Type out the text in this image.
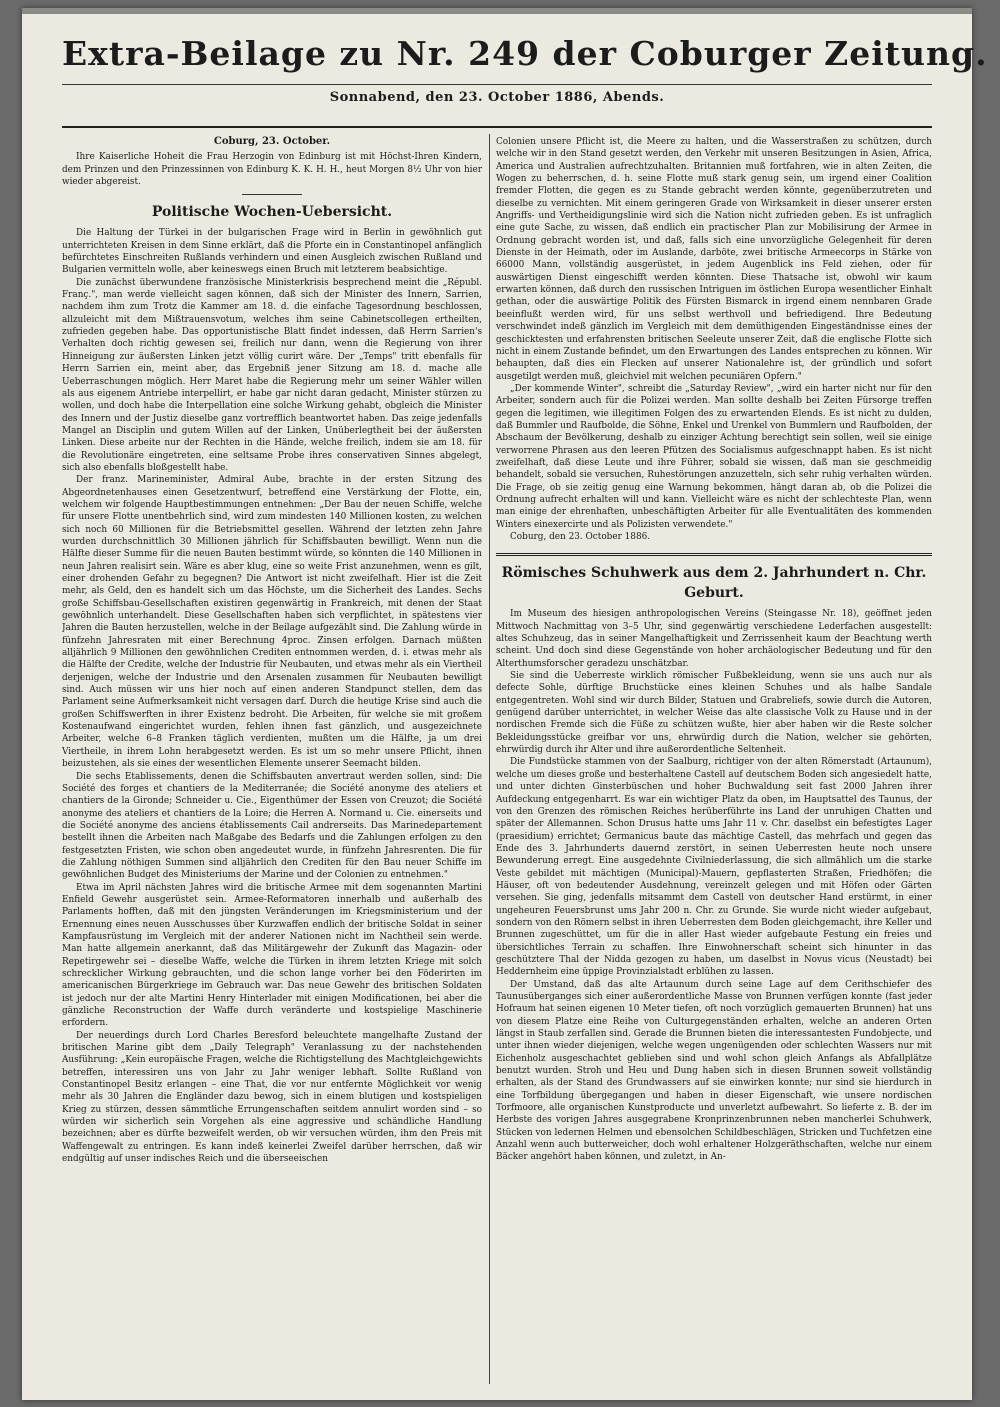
Extra-Beilage zu Nr. 249 der Coburger Zeitung.
Sonnabend, den 23. October 1886, Abends.
Coburg, 23. October.

Ihre Kaiserliche Hoheit die Frau Herzogin von Edinburg ist mit Höchst-Ihren Kindern, dem Prinzen und den Prinzessinnen von Edinburg K. K. H. H., heut Morgen 8½ Uhr von hier wieder abgereist.

Politische Wochen-Uebersicht.

Die Haltung der Türkei in der bulgarischen Frage wird in Berlin in gewöhnlich gut unterrichteten Kreisen in dem Sinne erklärt, daß die Pforte ein in Constantinopel anfänglich befürchtetes Einschreiten Rußlands verhindern und einen Ausgleich zwischen Rußland und Bulgarien vermitteln wolle, aber keineswegs einen Bruch mit letzterem beabsichtige.

Die zunächst überwundene französische Ministerkrisis besprechend meint die „Républ. Franç.", man werde vielleicht sagen können, daß sich der Minister des Innern, Sarrien, nachdem ihm zum Trotz die Kammer am 18. d. die einfache Tagesordnung beschlossen, allzuleicht mit dem Mißtrauensvotum, welches ihm seine Cabinetscollegen ertheilten, zufrieden gegeben habe. Das opportunistische Blatt findet indessen, daß Herrn Sarrien's Verhalten doch richtig gewesen sei, freilich nur dann, wenn die Regierung von ihrer Hinneigung zur äußersten Linken jetzt völlig curirt wäre. Der „Temps" tritt ebenfalls für Herrn Sarrien ein, meint aber, das Ergebniß jener Sitzung am 18. d. mache alle Ueberraschungen möglich. Herr Maret habe die Regierung mehr um seiner Wähler willen als aus eigenem Antriebe interpellirt, er habe gar nicht daran gedacht, Minister stürzen zu wollen, und doch habe die Interpellation eine solche Wirkung gehabt, obgleich die Minister des Innern und der Justiz dieselbe ganz vortrefflich beantwortet haben. Das zeige jedenfalls Mangel an Disciplin und gutem Willen auf der Linken, Unüberlegtheit bei der äußersten Linken. Diese arbeite nur der Rechten in die Hände, welche freilich, indem sie am 18. für die Revolutionäre eingetreten, eine seltsame Probe ihres conservativen Sinnes abgelegt, sich also ebenfalls bloßgestellt habe.

Der franz. Marineminister, Admiral Aube, brachte in der ersten Sitzung des Abgeordnetenhauses einen Gesetzentwurf, betreffend eine Verstärkung der Flotte, ein, welchem wir folgende Hauptbestimmungen entnehmen: „Der Bau der neuen Schiffe, welche für unsere Flotte unentbehrlich sind, wird zum mindesten 140 Millionen kosten, zu welchen sich noch 60 Millionen für die Betriebsmittel gesellen. Während der letzten zehn Jahre wurden durchschnittlich 30 Millionen jährlich für Schiffsbauten bewilligt. Wenn nun die Hälfte dieser Summe für die neuen Bauten bestimmt würde, so könnten die 140 Millionen in neun Jahren realisirt sein. Wäre es aber klug, eine so weite Frist anzunehmen, wenn es gilt, einer drohenden Gefahr zu begegnen? Die Antwort ist nicht zweifelhaft. Hier ist die Zeit mehr, als Geld, den es handelt sich um das Höchste, um die Sicherheit des Landes. Sechs große Schiffsbau-Gesellschaften existiren gegenwärtig in Frankreich, mit denen der Staat gewöhnlich unterhandelt. Diese Gesellschaften haben sich verpflichtet, in spätestens vier Jahren die Bauten herzustellen, welche in der Beilage aufgezählt sind. Die Zahlung würde in fünfzehn Jahresraten mit einer Berechnung 4proc. Zinsen erfolgen. Darnach müßten alljährlich 9 Millionen den gewöhnlichen Crediten entnommen werden, d. i. etwas mehr als die Hälfte der Credite, welche der Industrie für Neubauten, und etwas mehr als ein Viertheil derjenigen, welche der Industrie und den Arsenalen zusammen für Neubauten bewilligt sind. Auch müssen wir uns hier noch auf einen anderen Standpunct stellen, dem das Parlament seine Aufmerksamkeit nicht versagen darf. Durch die heutige Krise sind auch die großen Schiffswerften in ihrer Existenz bedroht. Die Arbeiten, für welche sie mit großem Kostenaufwand eingerichtet wurden, fehlen ihnen fast gänzlich, und ausgezeichnete Arbeiter, welche 6–8 Franken täglich verdienten, mußten um die Hälfte, ja um drei Viertheile, in ihrem Lohn herabgesetzt werden. Es ist um so mehr unsere Pflicht, ihnen beizustehen, als sie eines der wesentlichen Elemente unserer Seemacht bilden.

Die sechs Etablissements, denen die Schiffsbauten anvertraut werden sollen, sind: Die Société des forges et chantiers de la Mediterranée; die Société anonyme des ateliers et chantiers de la Gironde; Schneider u. Cie., Eigenthümer der Essen von Creuzot; die Société anonyme des ateliers et chantiers de la Loire; die Herren A. Normand u. Cie. einerseits und die Société anonyme des anciens établissements Cail andrerseits. Das Marinedepartement bestellt ihnen die Arbeiten nach Maßgabe des Bedarfs und die Zahlungen erfolgen zu den festgesetzten Fristen, wie schon oben angedeutet wurde, in fünfzehn Jahresrenten. Die für die Zahlung nöthigen Summen sind alljährlich den Crediten für den Bau neuer Schiffe im gewöhnlichen Budget des Ministeriums der Marine und der Colonien zu entnehmen."

Etwa im April nächsten Jahres wird die britische Armee mit dem sogenannten Martini Enfield Gewehr ausgerüstet sein. Armee-Reformatoren innerhalb und außerhalb des Parlaments hofften, daß mit den jüngsten Veränderungen im Kriegsministerium und der Ernennung eines neuen Ausschusses über Kurzwaffen endlich der britische Soldat in seiner Kampfausrüstung im Vergleich mit der anderer Nationen nicht im Nachtheil sein werde. Man hatte allgemein anerkannt, daß das Militärgewehr der Zukunft das Magazin- oder Repetirgewehr sei – dieselbe Waffe, welche die Türken in ihrem letzten Kriege mit solch schrecklicher Wirkung gebrauchten, und die schon lange vorher bei den Föderirten im americanischen Bürgerkriege im Gebrauch war. Das neue Gewehr des britischen Soldaten ist jedoch nur der alte Martini Henry Hinterlader mit einigen Modificationen, bei aber die gänzliche Reconstruction der Waffe durch veränderte und kostspielige Maschinerie erfordern.

Der neuerdings durch Lord Charles Beresford beleuchtete mangelhafte Zustand der britischen Marine gibt dem „Daily Telegraph" Veranlassung zu der nachstehenden Ausführung: „Kein europäische Fragen, welche die Richtigstellung des Machtgleichgewichts betreffen, interessiren uns von Jahr zu Jahr weniger lebhaft. Sollte Rußland von Constantinopel Besitz erlangen – eine That, die vor nur entfernte Möglichkeit vor wenig mehr als 30 Jahren die Engländer dazu bewog, sich in einem blutigen und kostspieligen Krieg zu stürzen, dessen sämmtliche Errungenschaften seitdem annulirt worden sind – so würden wir sicherlich sein Vorgehen als eine aggressive und schändliche Handlung bezeichnen; aber es dürfte bezweifelt werden, ob wir versuchen würden, ihm den Preis mit Waffengewalt zu entringen. Es kann indeß keinerlei Zweifel darüber herrschen, daß wir endgültig auf unser indisches Reich und die überseeischen

Colonien unsere Pflicht ist, die Meere zu halten, und die Wasserstraßen zu schützen, durch welche wir in den Stand gesetzt werden, den Verkehr mit unseren Besitzungen in Asien, Africa, America und Australien aufrechtzuhalten. Britannien muß fortfahren, wie in alten Zeiten, die Wogen zu beherrschen, d. h. seine Flotte muß stark genug sein, um irgend einer Coalition fremder Flotten, die gegen es zu Stande gebracht werden könnte, gegenüberzutreten und dieselbe zu vernichten. Mit einem geringeren Grade von Wirksamkeit in dieser unserer ersten Angriffs- und Vertheidigungslinie wird sich die Nation nicht zufrieden geben. Es ist unfraglich eine gute Sache, zu wissen, daß endlich ein practischer Plan zur Mobilisirung der Armee in Ordnung gebracht worden ist, und daß, falls sich eine unvorzügliche Gelegenheit für deren Dienste in der Heimath, oder im Auslande, darböte, zwei britische Armeecorps in Stärke von 66000 Mann, vollständig ausgerüstet, in jedem Augenblick ins Feld ziehen, oder für auswärtigen Dienst eingeschifft werden könnten. Diese Thatsache ist, obwohl wir kaum erwarten können, daß durch den russischen Intriguen im östlichen Europa wesentlicher Einhalt gethan, oder die auswärtige Politik des Fürsten Bismarck in irgend einem nennbaren Grade beeinflußt werden wird, für uns selbst werthvoll und befriedigend. Ihre Bedeutung verschwindet indeß gänzlich im Vergleich mit dem demüthigenden Eingeständnisse eines der geschicktesten und erfahrensten britischen Seeleute unserer Zeit, daß die englische Flotte sich nicht in einem Zustande befindet, um den Erwartungen des Landes entsprechen zu können. Wir behaupten, daß dies ein Flecken auf unserer Nationalehre ist, der gründlich und sofort ausgetilgt werden muß, gleichviel mit welchen pecuniären Opfern."

„Der kommende Winter", schreibt die „Saturday Review", „wird ein harter nicht nur für den Arbeiter, sondern auch für die Polizei werden. Man sollte deshalb bei Zeiten Fürsorge treffen gegen die legitimen, wie illegitimen Folgen des zu erwartenden Elends. Es ist nicht zu dulden, daß Bummler und Raufbolde, die Söhne, Enkel und Urenkel von Bummlern und Raufbolden, der Abschaum der Bevölkerung, deshalb zu einziger Achtung berechtigt sein sollen, weil sie einige verworrene Phrasen aus den leeren Pfützen des Socialismus aufgeschnappt haben. Es ist nicht zweifelhaft, daß diese Leute und ihre Führer, sobald sie wissen, daß man sie geschmeidig behandelt, sobald sie versuchen, Ruhestörungen anzuzetteln, sich sehr ruhig verhalten würden. Die Frage, ob sie zeitig genug eine Warnung bekommen, hängt daran ab, ob die Polizei die Ordnung aufrecht erhalten will und kann. Vielleicht wäre es nicht der schlechteste Plan, wenn man einige der ehrenhaften, unbeschäftigten Arbeiter für alle Eventualitäten des kommenden Winters einexercirte und als Polizisten verwendete."

Coburg, den 23. October 1886.

Römisches Schuhwerk aus dem 2. Jahrhundert n. Chr. Geburt.

Im Museum des hiesigen anthropologischen Vereins (Steingasse Nr. 18), geöffnet jeden Mittwoch Nachmittag von 3–5 Uhr, sind gegenwärtig verschiedene Lederfachen ausgestellt: altes Schuhzeug, das in seiner Mangelhaftigkeit und Zerrissenheit kaum der Beachtung werth scheint. Und doch sind diese Gegenstände von hoher archäologischer Bedeutung und für den Alterthumsforscher geradezu unschätzbar.

Sie sind die Ueberreste wirklich römischer Fußbekleidung, wenn sie uns auch nur als defecte Sohle, dürftige Bruchstücke eines kleinen Schuhes und als halbe Sandale entgegentreten. Wohl sind wir durch Bilder, Statuen und Grabreliefs, sowie durch die Autoren, genügend darüber unterrichtet, in welcher Weise das alte classische Volk zu Hause und in der nordischen Fremde sich die Füße zu schützen wußte, hier aber haben wir die Reste solcher Bekleidungsstücke greifbar vor uns, ehrwürdig durch die Nation, welcher sie gehörten, ehrwürdig durch ihr Alter und ihre außerordentliche Seltenheit.

Die Fundstücke stammen von der Saalburg, richtiger von der alten Römerstadt (Artaunum), welche um dieses große und besterhaltene Castell auf deutschem Boden sich angesiedelt hatte, und unter dichten Ginsterbüschen und hoher Buchwaldung seit fast 2000 Jahren ihrer Aufdeckung entgegenharrt. Es war ein wichtiger Platz da oben, im Hauptsattel des Taunus, der von den Grenzen des römischen Reiches herüberführte ins Land der unruhigen Chatten und später der Allemannen. Schon Drusus hatte ums Jahr 11 v. Chr. daselbst ein befestigtes Lager (praesidium) errichtet; Germanicus baute das mächtige Castell, das mehrfach und gegen das Ende des 3. Jahrhunderts dauernd zerstört, in seinen Ueberresten heute noch unsere Bewunderung erregt. Eine ausgedehnte Civilniederlassung, die sich allmählich um die starke Veste gebildet mit mächtigen (Municipal)-Mauern, gepflasterten Straßen, Friedhöfen; die Häuser, oft von bedeutender Ausdehnung, vereinzelt gelegen und mit Höfen oder Gärten versehen. Sie ging, jedenfalls mitsammt dem Castell von deutscher Hand erstürmt, in einer ungeheuren Feuersbrunst ums Jahr 200 n. Chr. zu Grunde. Sie wurde nicht wieder aufgebaut, sondern von den Römern selbst in ihren Ueberresten dem Boden gleichgemacht, ihre Keller und Brunnen zugeschüttet, um für die in aller Hast wieder aufgebaute Festung ein freies und übersichtliches Terrain zu schaffen. Ihre Einwohnerschaft scheint sich hinunter in das geschütztere Thal der Nidda gezogen zu haben, um daselbst in Novus vicus (Neustadt) bei Heddernheim eine üppige Provinzialstadt erblühen zu lassen.

Der Umstand, daß das alte Artaunum durch seine Lage auf dem Cerithschiefer des Taunusüberganges sich einer außerordentliche Masse von Brunnen verfügen konnte (fast jeder Hofraum hat seinen eigenen 10 Meter tiefen, oft noch vorzüglich gemauerten Brunnen) hat uns von diesem Platze eine Reihe von Culturgegenständen erhalten, welche an anderen Orten längst in Staub zerfallen sind. Gerade die Brunnen bieten die interessantesten Fundobjecte, und unter ihnen wieder diejenigen, welche wegen ungenügenden oder schlechten Wassers nur mit Eichenholz ausgeschachtet geblieben sind und wohl schon gleich Anfangs als Abfallplätze benutzt wurden. Stroh und Heu und Dung haben sich in diesen Brunnen soweit vollständig erhalten, als der Stand des Grundwassers auf sie einwirken konnte; nur sind sie hierdurch in eine Torfbildung übergegangen und haben in dieser Eigenschaft, wie unsere nordischen Torfmoore, alle organischen Kunstproducte und unverletzt aufbewahrt. So lieferte z. B. der im Herbste des vorigen Jahres ausgegrabene Kronprinzenbrunnen neben mancherlei Schuhwerk, Stücken von ledernen Helmen und ebensolchen Schildbeschlägen, Stricken und Tuchfetzen eine Anzahl wenn auch butterweicher, doch wohl erhaltener Holzgeräthschaften, welche nur einem Bäcker angehört haben können, und zuletzt, in An-
